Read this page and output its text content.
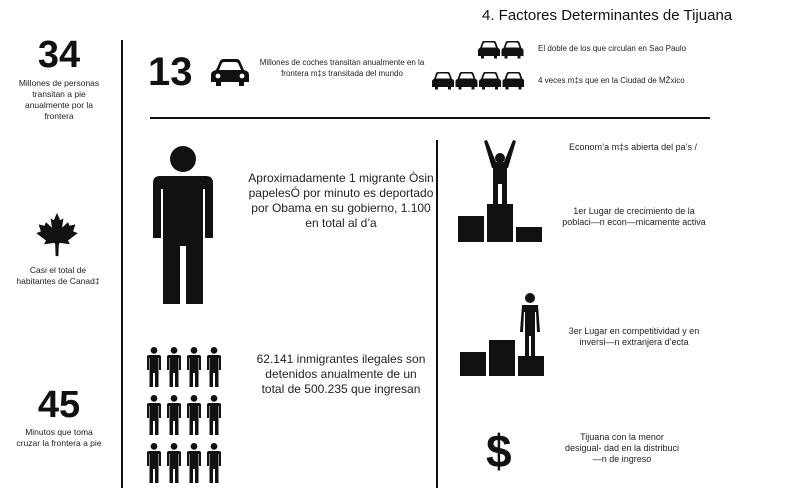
4. Factores Determinantes de Tijuana
34
Millones de personas transitan a pie anualmente por la frontera
Casi el total de habitantes de Canad‡
45
Minutos que toma cruzar la frontera a pie
13	Millones de coches transitan anualmente en la frontera m‡s transitada del mundo
El doble de los que circulan en Sao Paulo
4 veces m‡s que en la Ciudad de MŽxico
Aproximadamente 1 migrante Òsin papelesÓ por minuto es deportado por Obama en su gobierno, 1.100 en total al d’a
62.141 inmigrantes ilegales son detenidos anualmente de un total de 500.235 que ingresan
Econom’a m‡s abierta del pa’s /
1er Lugar de crecimiento de la poblaci—n econ—micamente activa
3er Lugar en competitividad y en inversi—n extranjera d’ecta
$	Tijuana con la menor desigual- dad en la distribuci—n de ingreso
